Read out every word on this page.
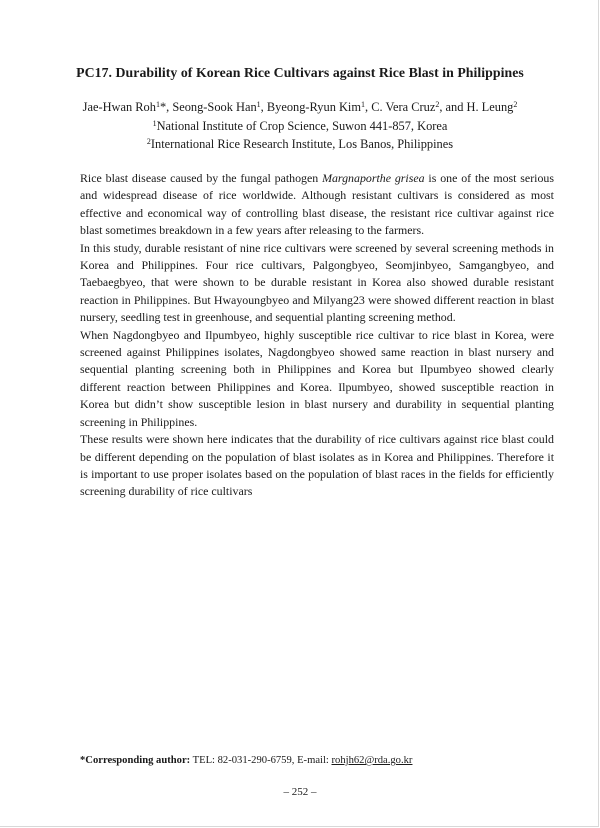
PC17. Durability of Korean Rice Cultivars against Rice Blast in Philippines
Jae-Hwan Roh$^1$*, Seong-Sook Han$^1$, Byeong-Ryun Kim$^1$, C. Vera Cruz$^2$, and H. Leung$^2$
$^1$National Institute of Crop Science, Suwon 441-857, Korea
$^2$International Rice Research Institute, Los Banos, Philippines

Rice blast disease caused by the fungal pathogen Margnaporthe grisea is one of the most serious and widespread disease of rice worldwide. Although resistant cultivars is considered as most effective and economical way of controlling blast disease, the resistant rice cultivar against rice blast sometimes breakdown in a few years after releasing to the farmers.

In this study, durable resistant of nine rice cultivars were screened by several screening methods in Korea and Philippines. Four rice cultivars, Palgongbyeo, Seomjinbyeo, Samgangbyeo, and Taebaegbyeo, that were shown to be durable resistant in Korea also showed durable resistant reaction in Philippines. But Hwayoungbyeo and Milyang23 were showed different reaction in blast nursery, seedling test in greenhouse, and sequential planting screening method.

When Nagdongbyeo and Ilpumbyeo, highly susceptible rice cultivar to rice blast in Korea, were screened against Philippines isolates, Nagdongbyeo showed same reaction in blast nursery and sequential planting screening both in Philippines and Korea but Ilpumbyeo showed clearly different reaction between Philippines and Korea. Ilpumbyeo, showed susceptible reaction in Korea but didn’t show susceptible lesion in blast nursery and durability in sequential planting screening in Philippines.

These results were shown here indicates that the durability of rice cultivars against rice blast could be different depending on the population of blast isolates as in Korea and Philippines. Therefore it is important to use proper isolates based on the population of blast races in the fields for efficiently screening durability of rice cultivars

*Corresponding author: TEL: 82-031-290-6759, E-mail: rohjh62@rda.go.kr
– 252 –
